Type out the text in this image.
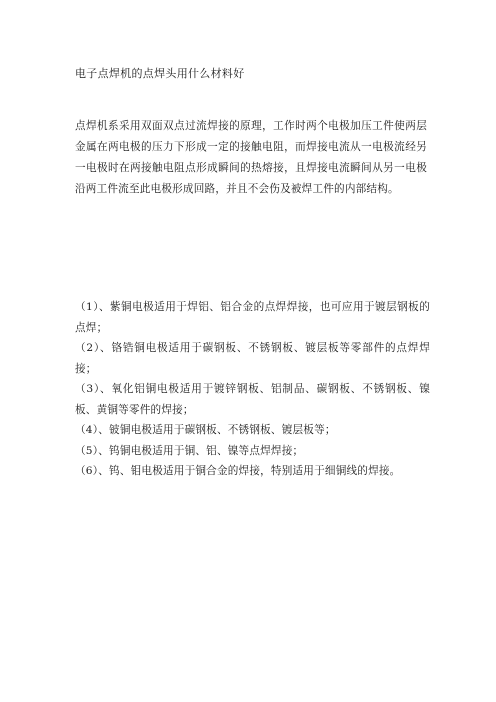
电子点焊机的点焊头用什么材料好
点焊机系采用双面双点过流焊接的原理，工作时两个电极加压工件使两层金属在两电极的压力下形成一定的接触电阻，而焊接电流从一电极流经另一电极时在两接触电阻点形成瞬间的热熔接，且焊接电流瞬间从另一电极沿两工件流至此电极形成回路，并且不会伤及被焊工件的内部结构。
（1）、紫铜电极适用于焊铝、铝合金的点焊焊接，也可应用于镀层钢板的点焊；
（2）、铬锆铜电极适用于碳钢板、不锈钢板、镀层板等零部件的点焊焊接；
（3）、氧化铝铜电极适用于镀锌钢板、铝制品、碳钢板、不锈钢板、镍板、黄铜等零件的焊接；
（4）、铍铜电极适用于碳钢板、不锈钢板、镀层板等；
（5）、钨铜电极适用于铜、铝、镍等点焊焊接；
（6）、钨、钼电极适用于铜合金的焊接，特别适用于细铜线的焊接。
